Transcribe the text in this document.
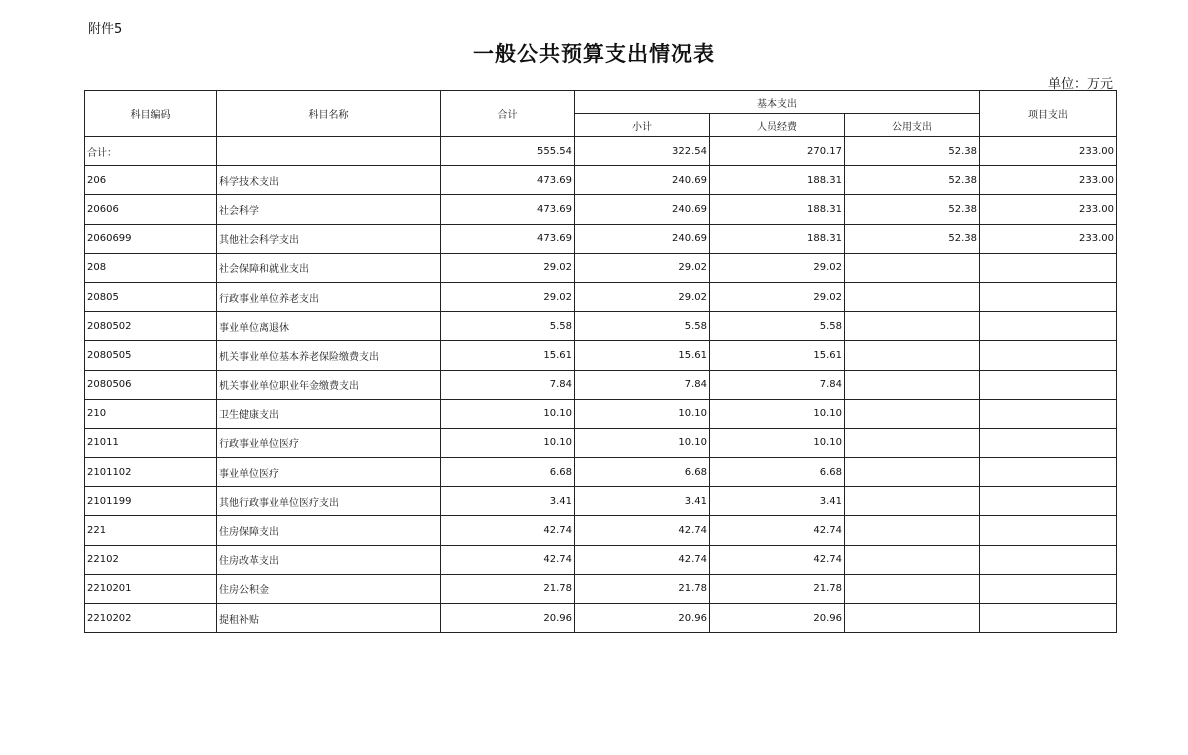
附件5
一般公共预算支出情况表
单位：万元
科目编码	科目名称	合计	基本支出			项目支出
			小计	人员经费	公用支出	
合计：		555.54	322.54	270.17	52.38	233.00
206	科学技术支出	473.69	240.69	188.31	52.38	233.00
20606	社会科学	473.69	240.69	188.31	52.38	233.00
2060699	其他社会科学支出	473.69	240.69	188.31	52.38	233.00
208	社会保障和就业支出	29.02	29.02	29.02		
20805	行政事业单位养老支出	29.02	29.02	29.02		
2080502	事业单位离退休	5.58	5.58	5.58		
2080505	机关事业单位基本养老保险缴费支出	15.61	15.61	15.61		
2080506	机关事业单位职业年金缴费支出	7.84	7.84	7.84		
210	卫生健康支出	10.10	10.10	10.10		
21011	行政事业单位医疗	10.10	10.10	10.10		
2101102	事业单位医疗	6.68	6.68	6.68		
2101199	其他行政事业单位医疗支出	3.41	3.41	3.41		
221	住房保障支出	42.74	42.74	42.74		
22102	住房改革支出	42.74	42.74	42.74		
2210201	住房公积金	21.78	21.78	21.78		
2210202	提租补贴	20.96	20.96	20.96		
